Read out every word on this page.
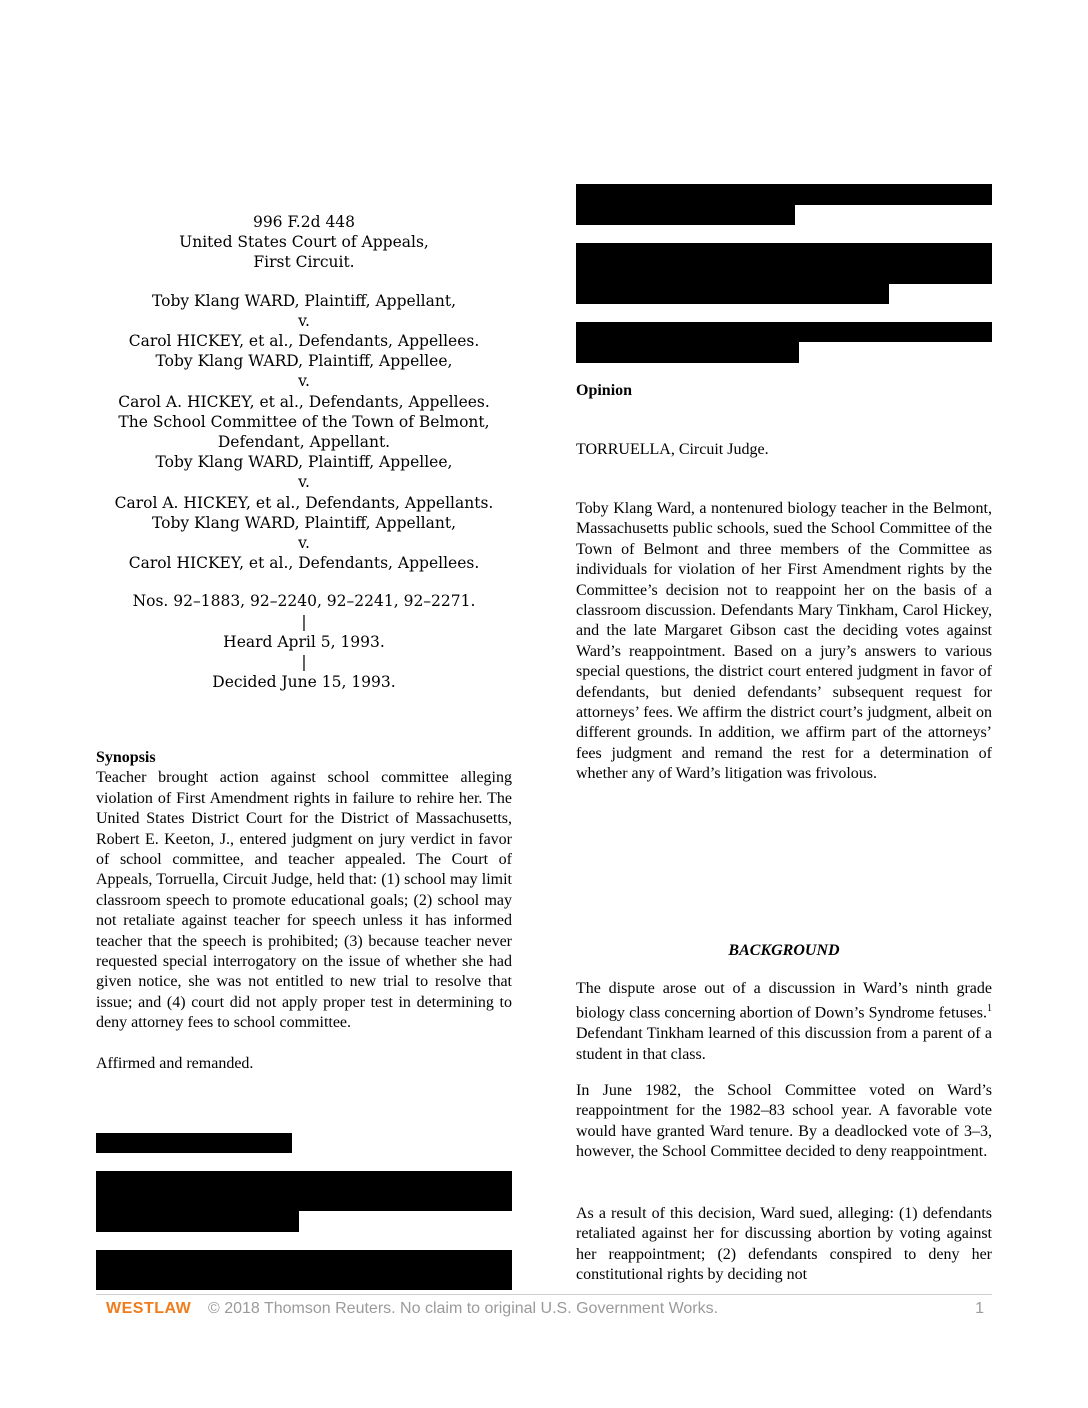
996 F.2d 448
United States Court of Appeals,
First Circuit.
Toby Klang WARD, Plaintiff, Appellant,
v.
Carol HICKEY, et al., Defendants, Appellees.
Toby Klang WARD, Plaintiff, Appellee,
v.
Carol A. HICKEY, et al., Defendants, Appellees.
The School Committee of the Town of Belmont,
Defendant, Appellant.
Toby Klang WARD, Plaintiff, Appellee,
v.
Carol A. HICKEY, et al., Defendants, Appellants.
Toby Klang WARD, Plaintiff, Appellant,
v.
Carol HICKEY, et al., Defendants, Appellees.
Nos. 92–1883, 92–2240, 92–2241, 92–2271.
|
Heard April 5, 1993.
|
Decided June 15, 1993.
Synopsis

Teacher brought action against school committee alleging violation of First Amendment rights in failure to rehire her. The United States District Court for the District of Massachusetts, Robert E. Keeton, J., entered judgment on jury verdict in favor of school committee, and teacher appealed. The Court of Appeals, Torruella, Circuit Judge, held that: (1) school may limit classroom speech to promote educational goals; (2) school may not retaliate against teacher for speech unless it has informed teacher that the speech is prohibited; (3) because teacher never requested special interrogatory on the issue of whether she had given notice, she was not entitled to new trial to resolve that issue; and (4) court did not apply proper test in determining to deny attorney fees to school committee.

Affirmed and remanded.

Opinion
TORRUELLA, Circuit Judge.
Toby Klang Ward, a nontenured biology teacher in the Belmont, Massachusetts public schools, sued the School Committee of the Town of Belmont and three members of the Committee as individuals for violation of her First Amendment rights by the Committee’s decision not to reappoint her on the basis of a classroom discussion. Defendants Mary Tinkham, Carol Hickey, and the late Margaret Gibson cast the deciding votes against Ward’s reappointment. Based on a jury’s answers to various special questions, the district court entered judgment in favor of defendants, but denied defendants’ subsequent request for attorneys’ fees. We affirm the district court’s judgment, albeit on different grounds. In addition, we affirm part of the attorneys’ fees judgment and remand the rest for a determination of whether any of Ward’s litigation was frivolous.
BACKGROUND
The dispute arose out of a discussion in Ward’s ninth grade biology class concerning abortion of Down’s Syndrome fetuses.$^1$ Defendant Tinkham learned of this discussion from a parent of a student in that class.
In June 1982, the School Committee voted on Ward’s reappointment for the 1982–83 school year. A favorable vote would have granted Ward tenure. By a deadlocked vote of 3–3, however, the School Committee decided to deny reappointment.
As a result of this decision, Ward sued, alleging: (1) defendants retaliated against her for discussing abortion by voting against her reappointment; (2) defendants conspired to deny her constitutional rights by deciding not
WESTLAW © 2018 Thomson Reuters. No claim to original U.S. Government Works.	1
